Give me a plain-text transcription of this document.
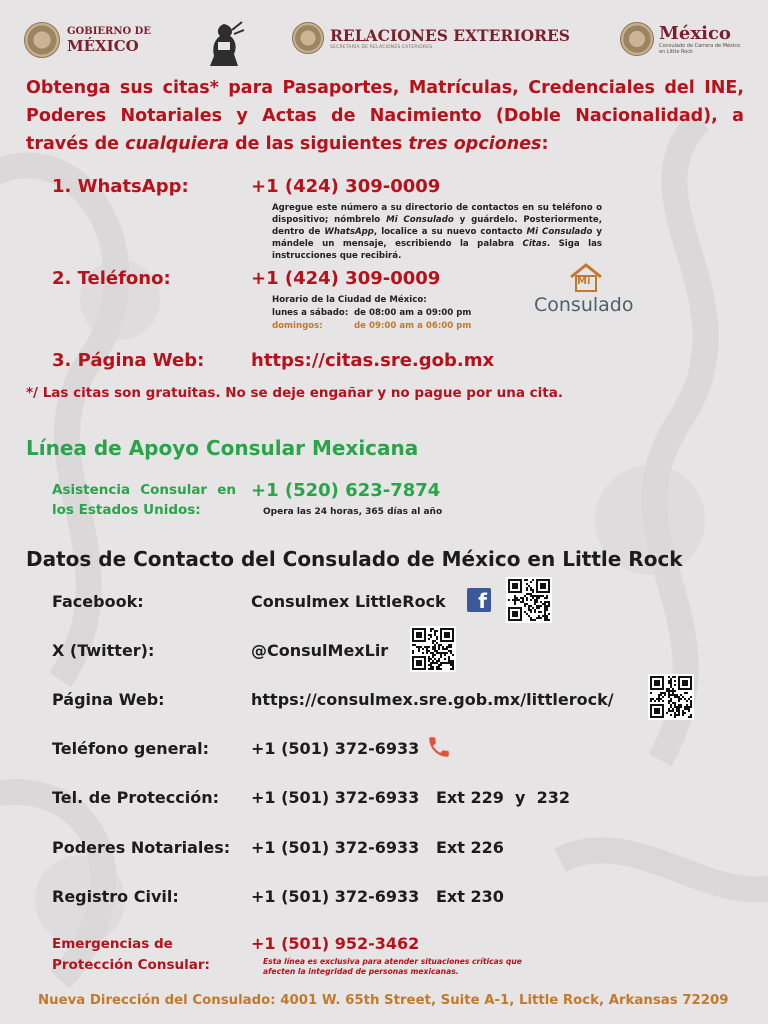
GOBIERNO DE
MÉXICO
RELACIONES EXTERIORES
SECRETARÍA DE RELACIONES EXTERIORES
México
Consulado de Carrera de México
en Little Rock
Obtenga sus citas* para Pasaportes, Matrículas, Credenciales del INE, Poderes Notariales y Actas de Nacimiento (Doble Nacionalidad), a través de cualquiera de las siguientes tres opciones:
1. WhatsApp:	+1 (424) 309-0009
Agregue este número a su directorio de contactos en su teléfono o dispositivo; nómbrelo Mi Consulado y guárdelo. Posteriormente, dentro de WhatsApp, localice a su nuevo contacto Mi Consulado y mándele un mensaje, escribiendo la palabra Citas. Siga las instrucciones que recibirá.
2. Teléfono:	+1 (424) 309-0009
Horario de la Ciudad de México:
lunes a sábado: de 08:00 am a 09:00 pm
domingos:	de 09:00 am a 06:00 pm
Mi
Consulado
3. Página Web:	https://citas.sre.gob.mx
*/ Las citas son gratuitas. No se deje engañar y no pague por una cita.
Línea de Apoyo Consular Mexicana
Asistencia Consular en
los Estados Unidos:
+1 (520) 623-7874
Opera las 24 horas, 365 días al año
Datos de Contacto del Consulado de México en Little Rock
Facebook:	Consulmex LittleRock f
X (Twitter):	@ConsulMexLir
Página Web:	https://consulmex.sre.gob.mx/littlerock/
Teléfono general:	+1 (501) 372-6933
Tel. de Protección: +1 (501) 372-6933   Ext 229  y  232
Poderes Notariales: +1 (501) 372-6933   Ext 226
Registro Civil:	+1 (501) 372-6933   Ext 230
Emergencias de
Protección Consular:
+1 (501) 952-3462
Esta línea es exclusiva para atender situaciones críticas que
afecten la integridad de personas mexicanas.
Nueva Dirección del Consulado: 4001 W. 65th Street, Suite A-1, Little Rock, Arkansas 72209
